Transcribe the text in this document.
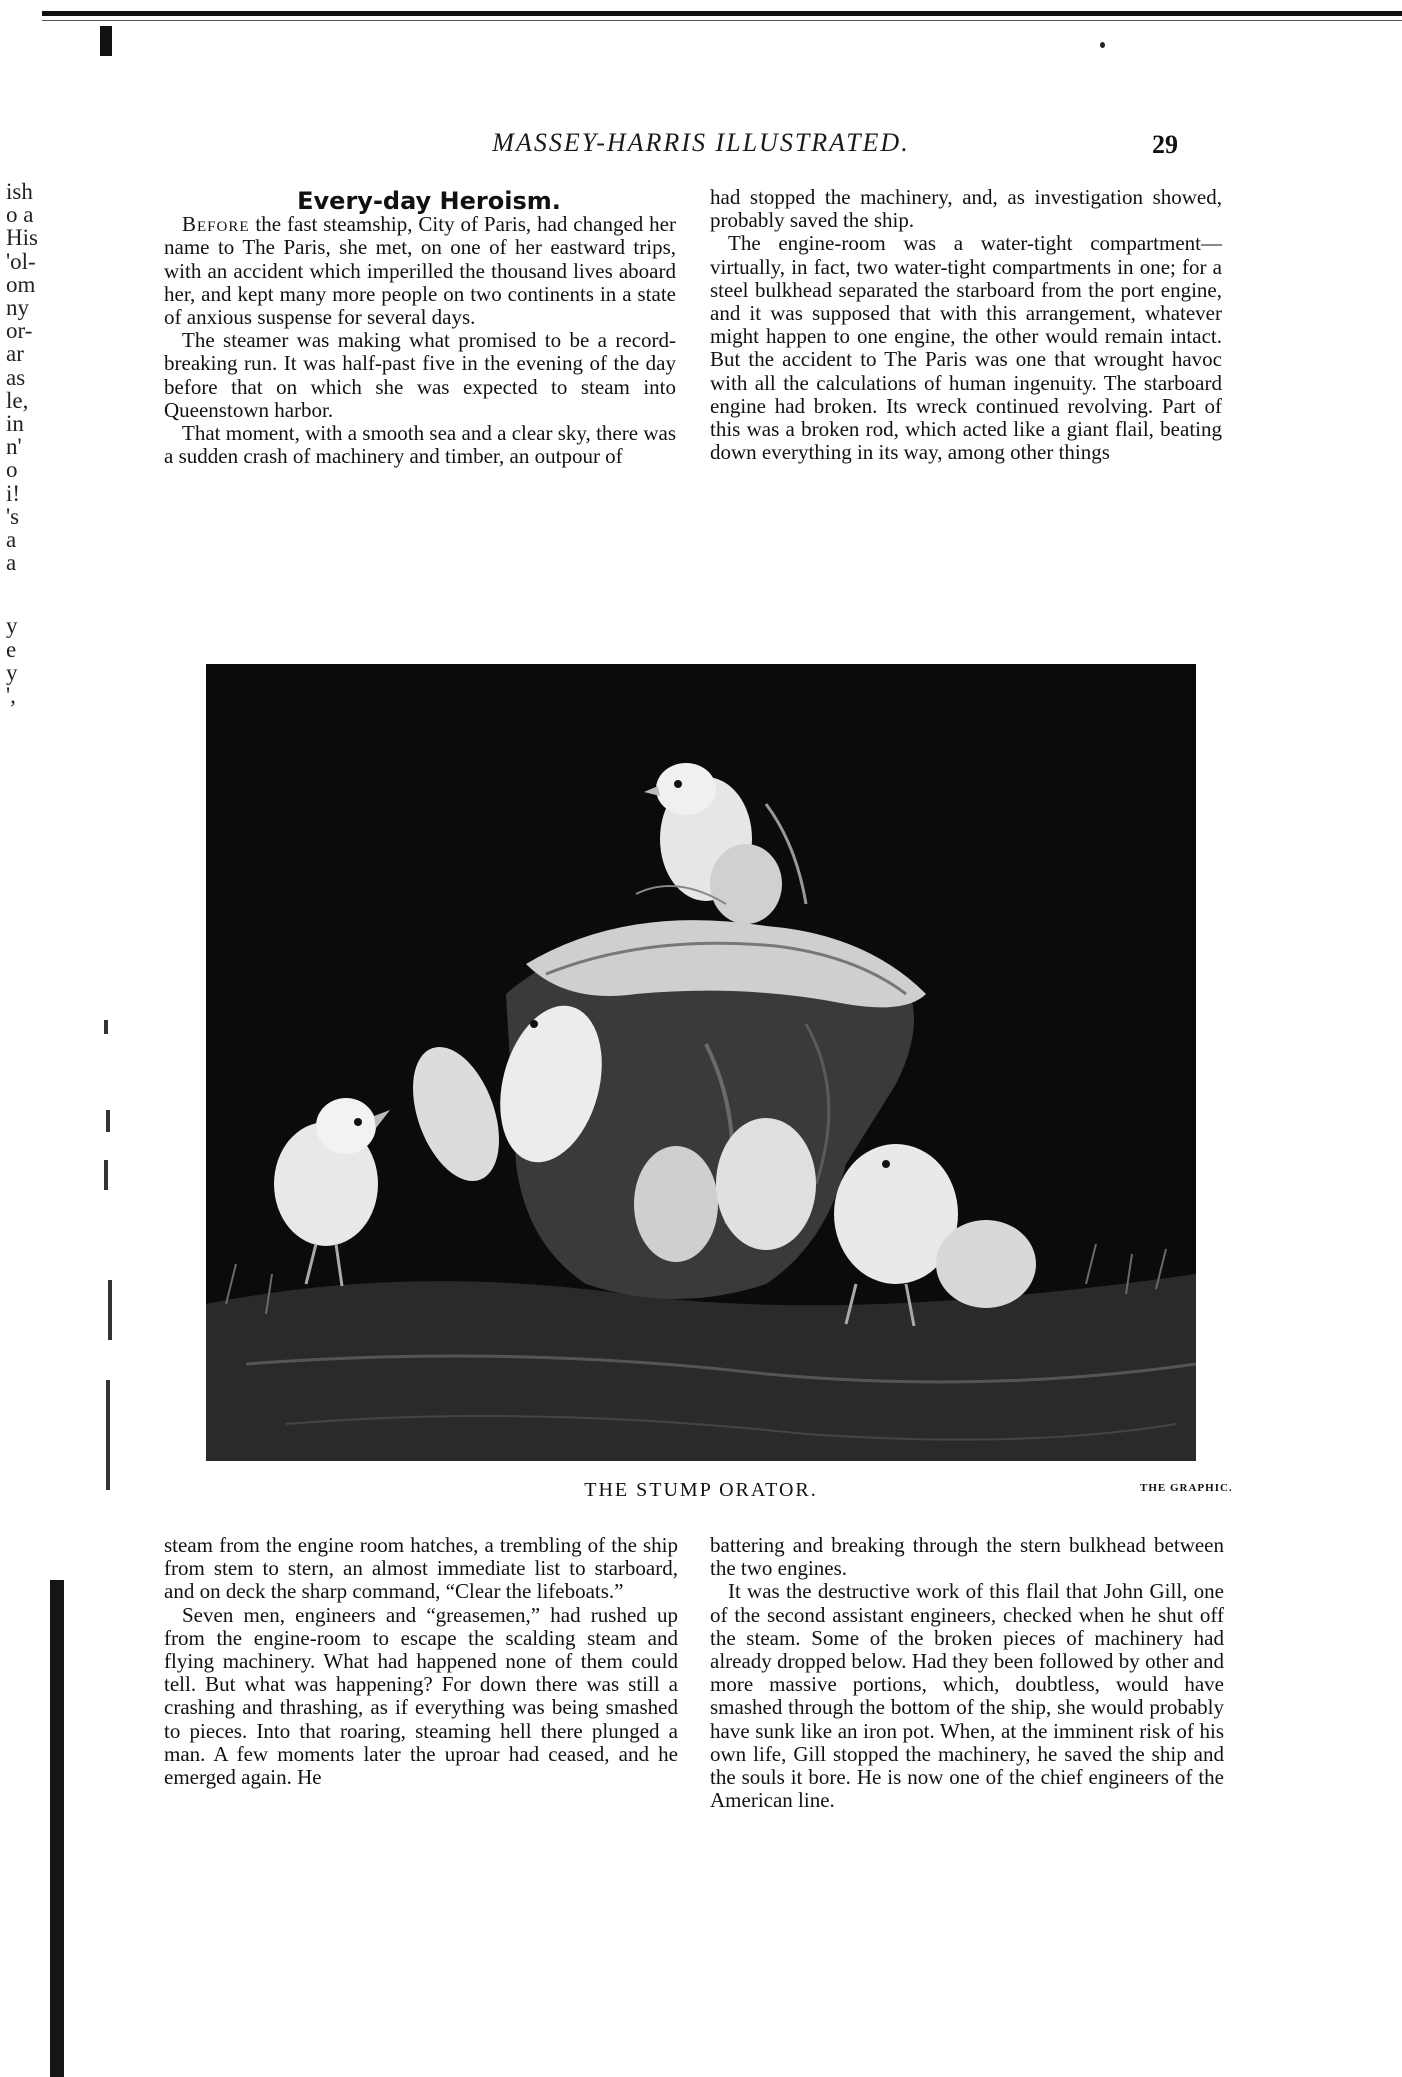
MASSEY-HARRIS ILLUSTRATED.	29
ish
o a
His
'ol-
om
ny
or-
ar
as
le,
in
n'
o
i!
's
a
a
y
e
y
',

Every-day Heroism.

Before the fast steamship, City of Paris, had changed her name to The Paris, she met, on one of her eastward trips, with an accident which imperilled the thousand lives aboard her, and kept many more people on two continents in a state of anxious suspense for several days.

The steamer was making what promised to be a record-breaking run. It was half-past five in the evening of the day before that on which she was expected to steam into Queenstown harbor.

That moment, with a smooth sea and a clear sky, there was a sudden crash of machinery and timber, an outpour of

had stopped the machinery, and, as investigation showed, probably saved the ship.

The engine-room was a water-tight compartment— virtually, in fact, two water-tight compartments in one; for a steel bulkhead separated the starboard from the port engine, and it was supposed that with this arrangement, whatever might happen to one engine, the other would remain intact. But the accident to The Paris was one that wrought havoc with all the calculations of human ingenuity. The starboard engine had broken. Its wreck continued revolving. Part of this was a broken rod, which acted like a giant flail, beating down everything in its way, among other things

THE STUMP ORATOR.	THE GRAPHIC.

steam from the engine room hatches, a trembling of the ship from stem to stern, an almost immediate list to starboard, and on deck the sharp command, “Clear the lifeboats.”

Seven men, engineers and “greasemen,” had rushed up from the engine-room to escape the scalding steam and flying machinery. What had happened none of them could tell. But what was happening? For down there was still a crashing and thrashing, as if everything was being smashed to pieces. Into that roaring, steaming hell there plunged a man. A few moments later the uproar had ceased, and he emerged again. He

battering and breaking through the stern bulkhead between the two engines.

It was the destructive work of this flail that John Gill, one of the second assistant engineers, checked when he shut off the steam. Some of the broken pieces of machinery had already dropped below. Had they been followed by other and more massive portions, which, doubtless, would have smashed through the bottom of the ship, she would probably have sunk like an iron pot. When, at the imminent risk of his own life, Gill stopped the machinery, he saved the ship and the souls it bore. He is now one of the chief engineers of the American line.
